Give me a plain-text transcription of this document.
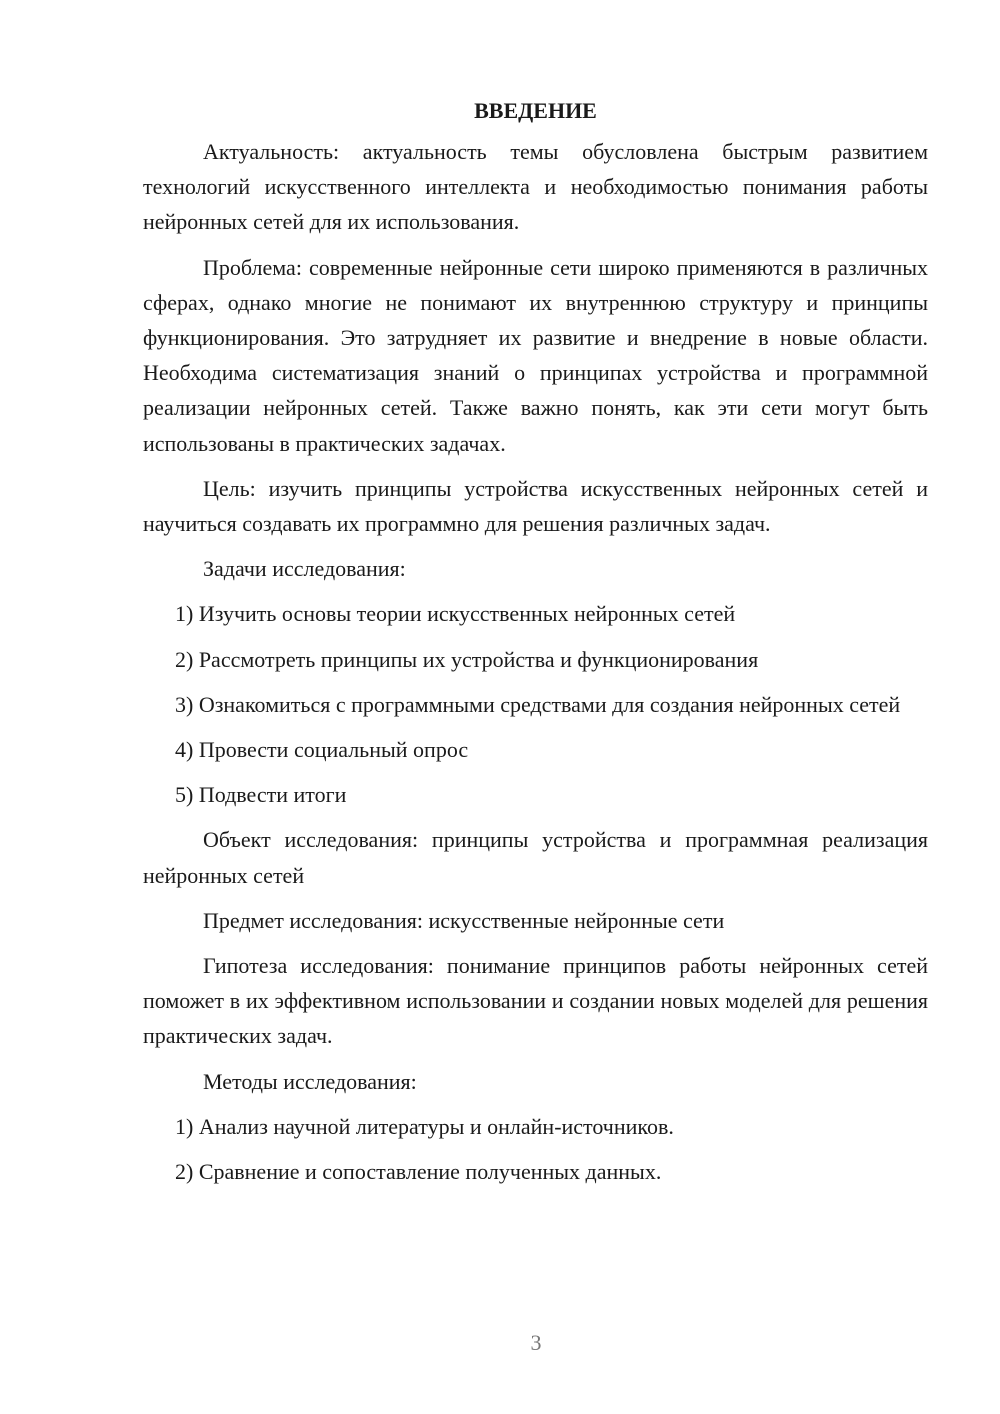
ВВЕДЕНИЕ
Актуальность: актуальность темы обусловлена быстрым развитием технологий искусственного интеллекта и необходимостью понимания работы нейронных сетей для их использования.
Проблема: современные нейронные сети широко применяются в различных сферах, однако многие не понимают их внутреннюю структуру и принципы функционирования. Это затрудняет их развитие и внедрение в новые области. Необходима систематизация знаний о принципах устройства и программной реализации нейронных сетей. Также важно понять, как эти сети могут быть использованы в практических задачах.
Цель: изучить принципы устройства искусственных нейронных сетей и научиться создавать их программно для решения различных задач.
Задачи исследования:
1) Изучить основы теории искусственных нейронных сетей
2) Рассмотреть принципы их устройства и функционирования
3) Ознакомиться с программными средствами для создания нейронных сетей
4) Провести социальный опрос
5) Подвести итоги
Объект исследования: принципы устройства и программная реализация нейронных сетей
Предмет исследования: искусственные нейронные сети
Гипотеза исследования: понимание принципов работы нейронных сетей поможет в их эффективном использовании и создании новых моделей для решения практических задач.
Методы исследования:
1) Анализ научной литературы и онлайн-источников.
2) Сравнение и сопоставление полученных данных.
3
